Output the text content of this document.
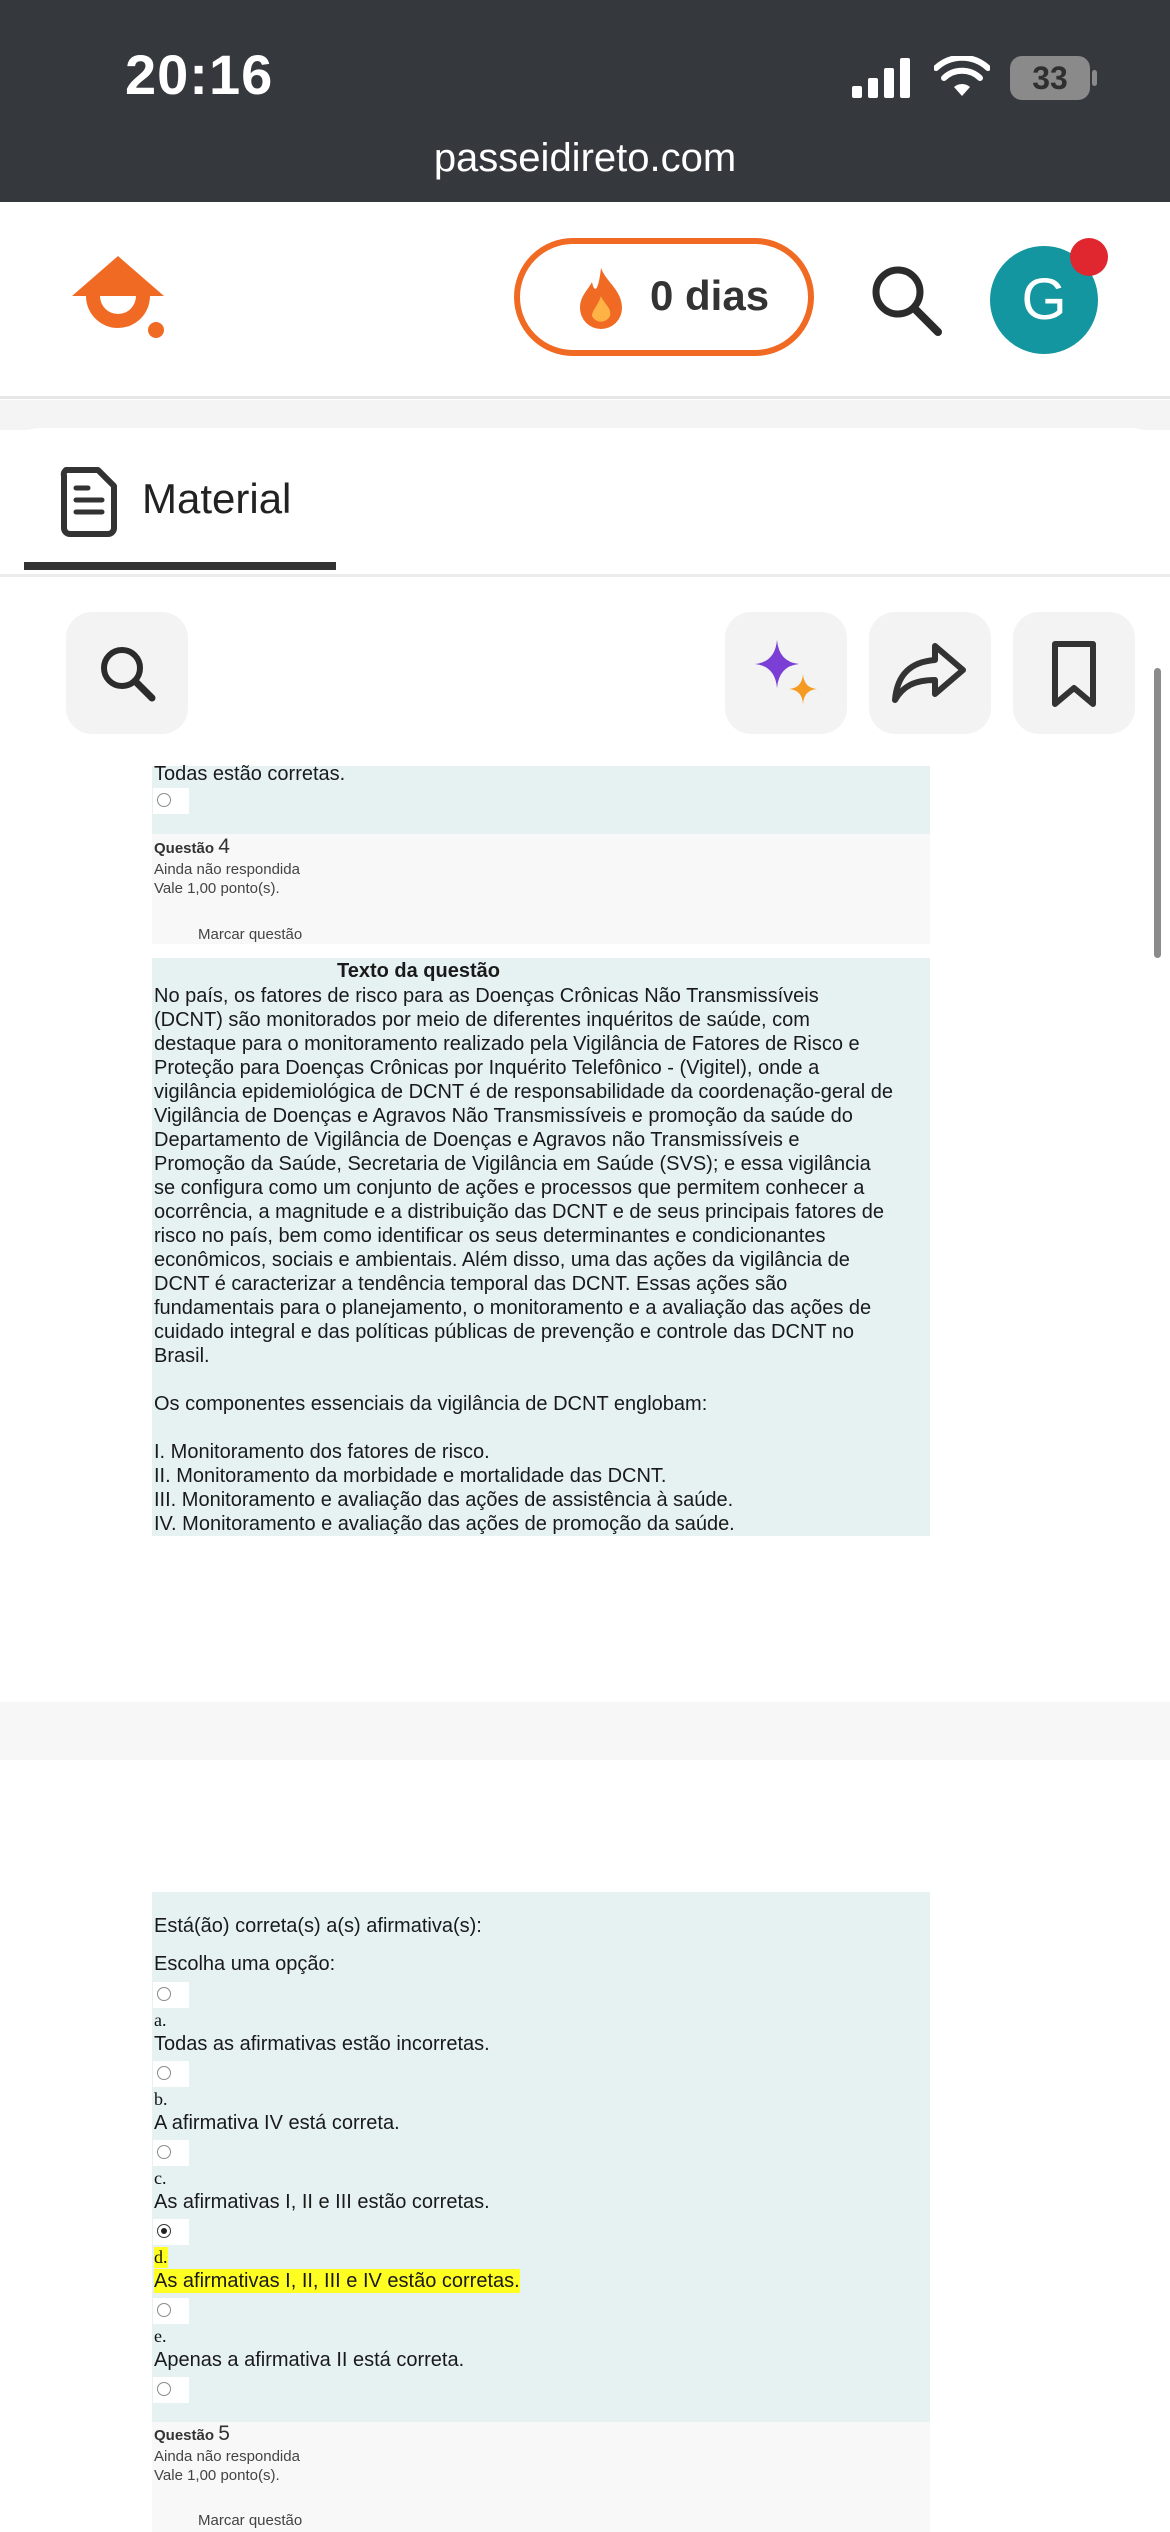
20:16	33
passeidireto.com
0 dias	G
Material
Todas estão corretas.
Questão 4
Ainda não respondida
Vale 1,00 ponto(s).
Marcar questão
Texto da questão
No país, os fatores de risco para as Doenças Crônicas Não Transmissíveis
(DCNT) são monitorados por meio de diferentes inquéritos de saúde, com
destaque para o monitoramento realizado pela Vigilância de Fatores de Risco e
Proteção para Doenças Crônicas por Inquérito Telefônico - (Vigitel), onde a
vigilância epidemiológica de DCNT é de responsabilidade da coordenação-geral de
Vigilância de Doenças e Agravos Não Transmissíveis e promoção da saúde do
Departamento de Vigilância de Doenças e Agravos não Transmissíveis e
Promoção da Saúde, Secretaria de Vigilância em Saúde (SVS); e essa vigilância
se configura como um conjunto de ações e processos que permitem conhecer a
ocorrência, a magnitude e a distribuição das DCNT e de seus principais fatores de
risco no país, bem como identificar os seus determinantes e condicionantes
econômicos, sociais e ambientais. Além disso, uma das ações da vigilância de
DCNT é caracterizar a tendência temporal das DCNT. Essas ações são
fundamentais para o planejamento, o monitoramento e a avaliação das ações de
cuidado integral e das políticas públicas de prevenção e controle das DCNT no
Brasil.
Os componentes essenciais da vigilância de DCNT englobam:
I. Monitoramento dos fatores de risco.
II. Monitoramento da morbidade e mortalidade das DCNT.
III. Monitoramento e avaliação das ações de assistência à saúde.
IV. Monitoramento e avaliação das ações de promoção da saúde.
Está(ão) correta(s) a(s) afirmativa(s):
Escolha uma opção:
a.
Todas as afirmativas estão incorretas.
b.
A afirmativa IV está correta.
c.
As afirmativas I, II e III estão corretas.
d.
As afirmativas I, II, III e IV estão corretas.
e.
Apenas a afirmativa II está correta.
Questão 5
Ainda não respondida
Vale 1,00 ponto(s).
Marcar questão
